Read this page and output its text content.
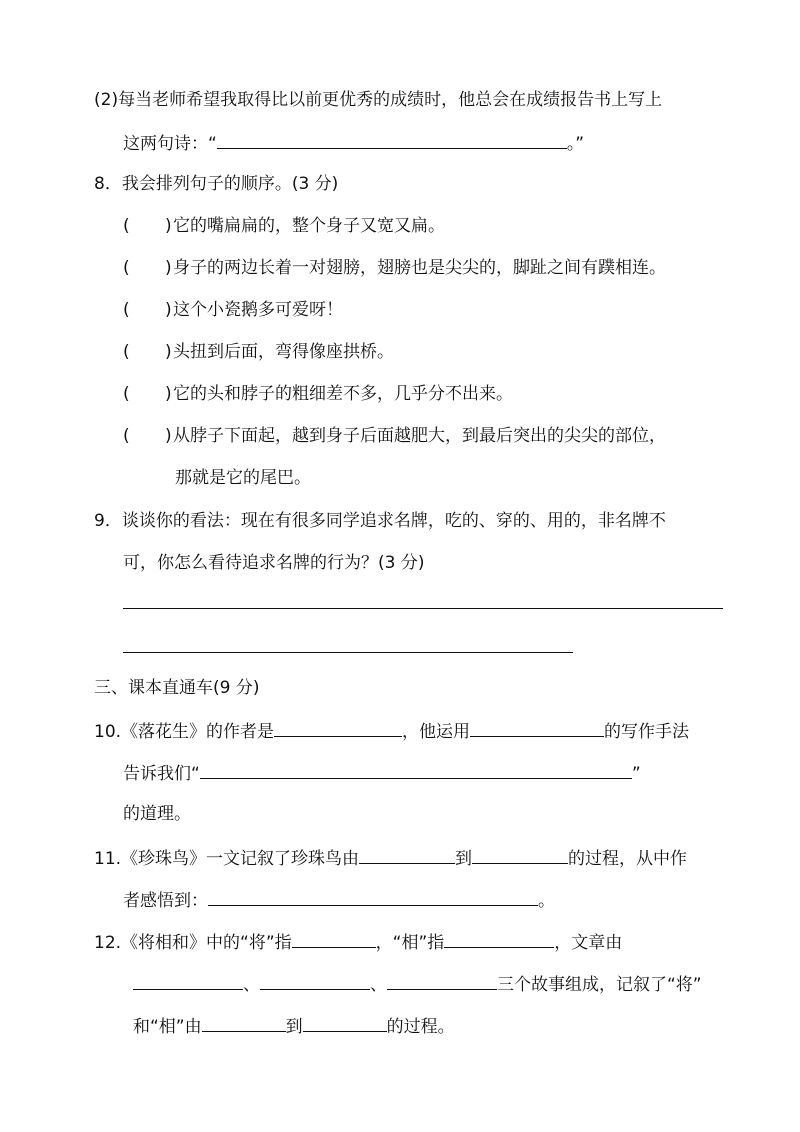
(2)每当老师希望我取得比以前更优秀的成绩时，他总会在成绩报告书上写上
这两句诗：“	。”
8．我会排列句子的顺序。(3 分)
( ) 它的嘴扁扁的，整个身子又宽又扁。
( ) 身子的两边长着一对翅膀，翅膀也是尖尖的，脚趾之间有蹼相连。
( ) 这个小瓷鹅多可爱呀！
( ) 头扭到后面，弯得像座拱桥。
( ) 它的头和脖子的粗细差不多，几乎分不出来。
( ) 从脖子下面起，越到身子后面越肥大，到最后突出的尖尖的部位，
那就是它的尾巴。
9．谈谈你的看法：现在有很多同学追求名牌，吃的、穿的、用的，非名牌不
可，你怎么看待追求名牌的行为？(3 分)
三、课本直通车(9 分)
10.《落花生》的作者是	，他运用	的写作手法
告诉我们“	”
的道理。
11.《珍珠鸟》一文记叙了珍珠鸟由	到	的过程，从中作
者感悟到：	。
12.《将相和》中的“将”指	，“相”指	，文章由
、	、	三个故事组成，记叙了“将”
和“相”由	到	的过程。
